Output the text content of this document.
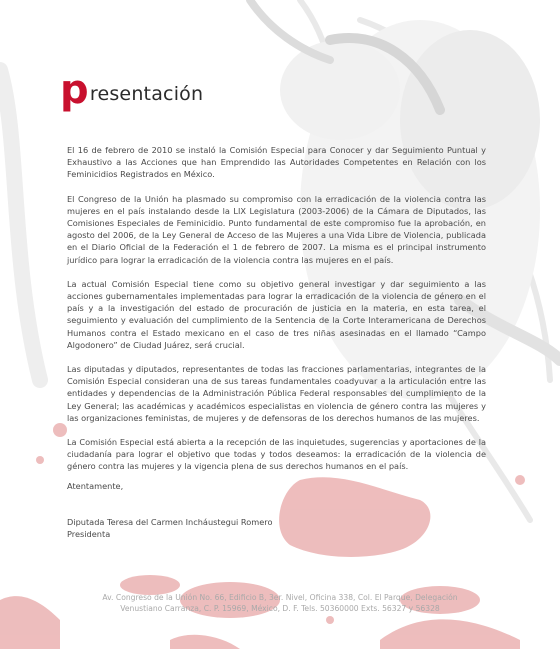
presentación

El 16 de febrero de 2010 se instaló la Comisión Especial para Conocer y dar Seguimiento Puntual y Exhaustivo a las Acciones que han Emprendido las Autoridades Competentes en Relación con los Feminicidios Registrados en México.

El Congreso de la Unión ha plasmado su compromiso con la erradicación de la violencia contra las mujeres en el país instalando desde la LIX Legislatura (2003-2006) de la Cámara de Diputados, las Comisiones Especiales de Feminicidio. Punto fundamental de este compromiso fue la aprobación, en agosto del 2006, de la Ley General de Acceso de las Mujeres a una Vida Libre de Violencia, publicada en el Diario Oficial de la Federación el 1 de febrero de 2007. La misma es el principal instrumento jurídico para lograr la erradicación de la violencia contra las mujeres en el país.

La actual Comisión Especial tiene como su objetivo general investigar y dar seguimiento a las acciones gubernamentales implementadas para lograr la erradicación de la violencia de género en el país y a la investigación del estado de procuración de justicia en la materia, en esta tarea, el seguimiento y evaluación del cumplimiento de la Sentencia de la Corte Interamericana de Derechos Humanos contra el Estado mexicano en el caso de tres niñas asesinadas en el llamado “Campo Algodonero” de Ciudad Juárez, será crucial.

Las diputadas y diputados, representantes de todas las fracciones parlamentarias, integrantes de la Comisión Especial consideran una de sus tareas fundamentales coadyuvar a la articulación entre las entidades y dependencias de la Administración Pública Federal responsables del cumplimiento de la Ley General; las académicas y académicos especialistas en violencia de género contra las mujeres y las organizaciones feministas, de mujeres y de defensoras de los derechos humanos de las mujeres.

La Comisión Especial está abierta a la recepción de las inquietudes, sugerencias y aportaciones de la ciudadanía para lograr el objetivo que todas y todos deseamos: la erradicación de la violencia de género contra las mujeres y la vigencia plena de sus derechos humanos en el país.

Atentamente,
Diputada Teresa del Carmen Incháustegui Romero
Presidenta
Av. Congreso de la Unión No. 66, Edificio B, 3er. Nivel, Oficina 338, Col. El Parque, Delegación
Venustiano Carranza, C. P. 15969, México, D. F. Tels. 50360000 Exts. 56327 y 56328
